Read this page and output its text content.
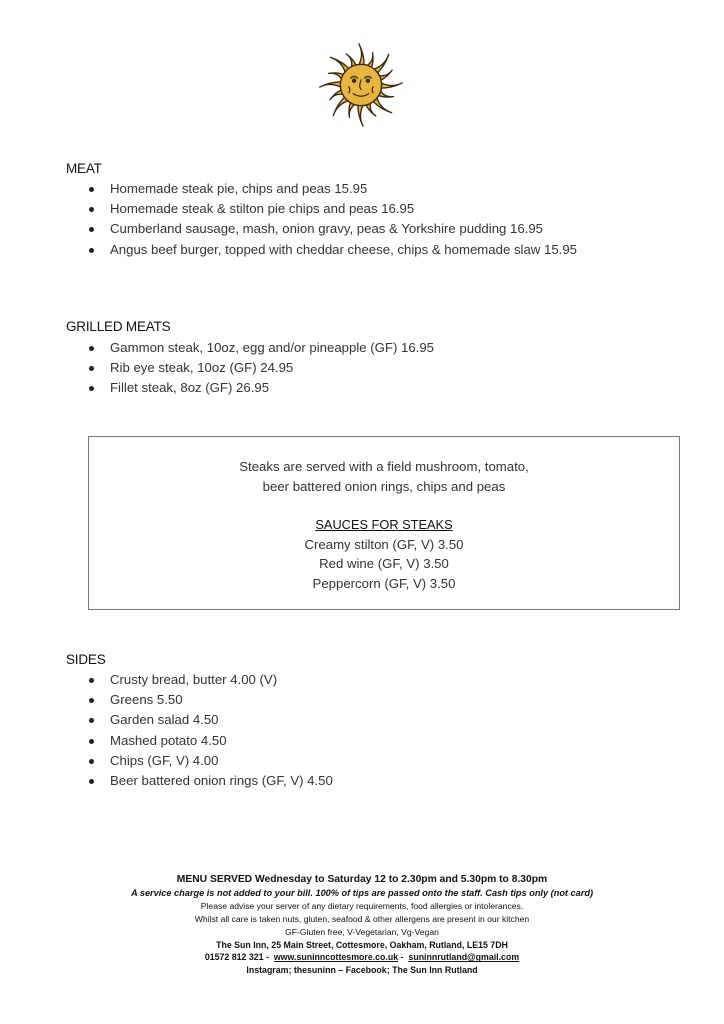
MEAT
Homemade steak pie, chips and peas 15.95
Homemade steak & stilton pie chips and peas 16.95
Cumberland sausage, mash, onion gravy, peas & Yorkshire pudding 16.95
Angus beef burger, topped with cheddar cheese, chips & homemade slaw 15.95
GRILLED MEATS
Gammon steak, 10oz, egg and/or pineapple (GF) 16.95
Rib eye steak, 10oz (GF) 24.95
Fillet steak, 8oz (GF) 26.95
Steaks are served with a field mushroom, tomato,
beer battered onion rings, chips and peas
SAUCES FOR STEAKS
Creamy stilton (GF, V) 3.50
Red wine (GF, V) 3.50
Peppercorn (GF, V) 3.50
SIDES
Crusty bread, butter 4.00 (V)
Greens 5.50
Garden salad 4.50
Mashed potato 4.50
Chips (GF, V) 4.00
Beer battered onion rings (GF, V) 4.50
MENU SERVED Wednesday to Saturday 12 to 2.30pm and 5.30pm to 8.30pm
A service charge is not added to your bill. 100% of tips are passed onto the staff. Cash tips only (not card)
Please advise your server of any dietary requirements, food allergies or intolerances.
Whilst all care is taken nuts, gluten, seafood & other allergens are present in our kitchen
GF-Gluten free, V-Vegetarian, Vg-Vegan
The Sun Inn, 25 Main Street, Cottesmore, Oakham, Rutland, LE15 7DH
01572 812 321 - www.suninncottesmore.co.uk - suninnrutland@gmail.com
Instagram; thesuninn – Facebook; The Sun Inn Rutland
